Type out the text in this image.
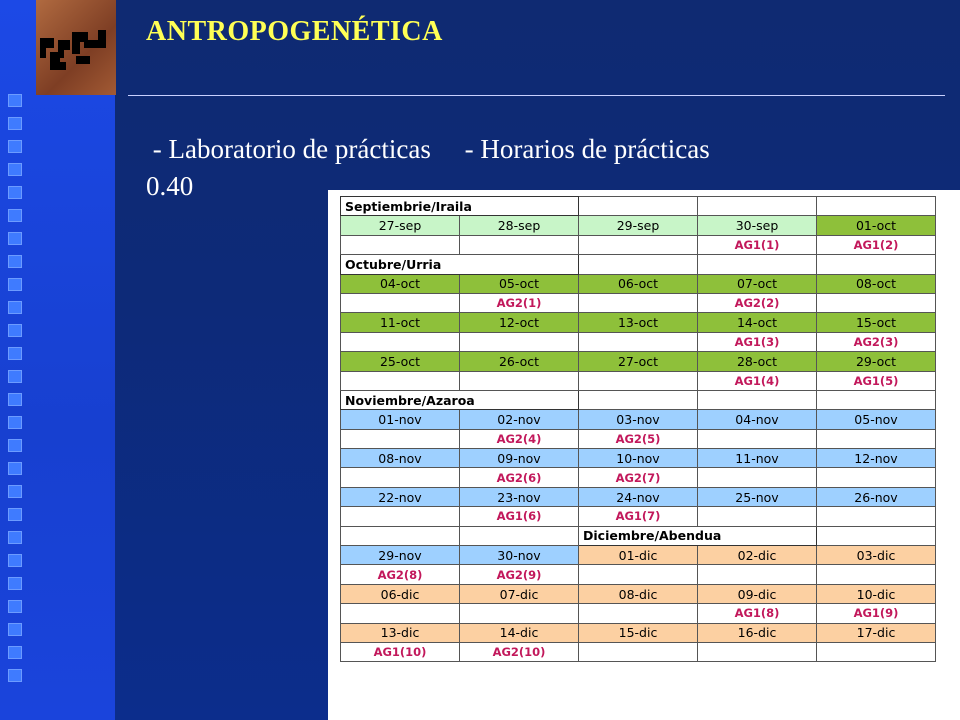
ANTROPOGENÉTICA
- Laboratorio de prácticas - Horarios de prácticas
0.40
Septiembrie/Iraila				
27-sep	28-sep	29-sep	30-sep	01-oct
			AG1(1)	AG1(2)
Octubre/Urria				
04-oct	05-oct	06-oct	07-oct	08-oct
	AG2(1)		AG2(2)	
11-oct	12-oct	13-oct	14-oct	15-oct
			AG1(3)	AG2(3)
25-oct	26-oct	27-oct	28-oct	29-oct
			AG1(4)	AG1(5)
Noviembre/Azaroa				
01-nov	02-nov	03-nov	04-nov	05-nov
	AG2(4)	AG2(5)		
08-nov	09-nov	10-nov	11-nov	12-nov
	AG2(6)	AG2(7)		
22-nov	23-nov	24-nov	25-nov	26-nov
	AG1(6)	AG1(7)		
		Diciembre/Abendua		
29-nov	30-nov	01-dic	02-dic	03-dic
AG2(8)	AG2(9)			
06-dic	07-dic	08-dic	09-dic	10-dic
			AG1(8)	AG1(9)
13-dic	14-dic	15-dic	16-dic	17-dic
AG1(10)	AG2(10)			
